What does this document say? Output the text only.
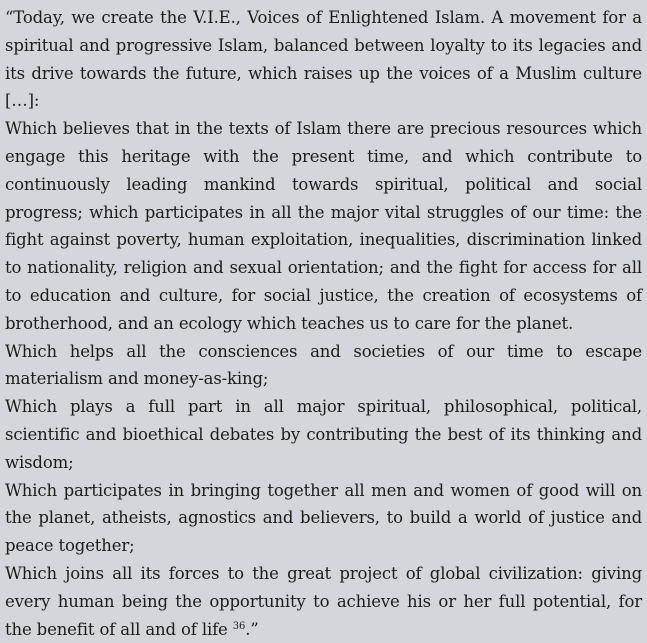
“Today, we create the V.I.E., Voices of Enlightened Islam. A movement for a spiritual and progressive Islam, balanced between loyalty to its legacies and its drive towards the future, which raises up the voices of a Muslim culture […]:

Which believes that in the texts of Islam there are precious resources which engage this heritage with the present time, and which contribute to continuously leading mankind towards spiritual, political and social progress; which participates in all the major vital struggles of our time: the fight against poverty, human exploitation, inequalities, discrimination linked to nationality, religion and sexual orientation; and the fight for access for all to education and culture, for social justice, the creation of ecosystems of brotherhood, and an ecology which teaches us to care for the planet.

Which helps all the consciences and societies of our time to escape materialism and money-as-king;

Which plays a full part in all major spiritual, philosophical, political, scientific and bioethical debates by contributing the best of its thinking and wisdom;

Which participates in bringing together all men and women of good will on the planet, atheists, agnostics and believers, to build a world of justice and peace together;

Which joins all its forces to the great project of global civilization: giving every human being the opportunity to achieve his or her full potential, for the benefit of all and of life $^{36}$.”
